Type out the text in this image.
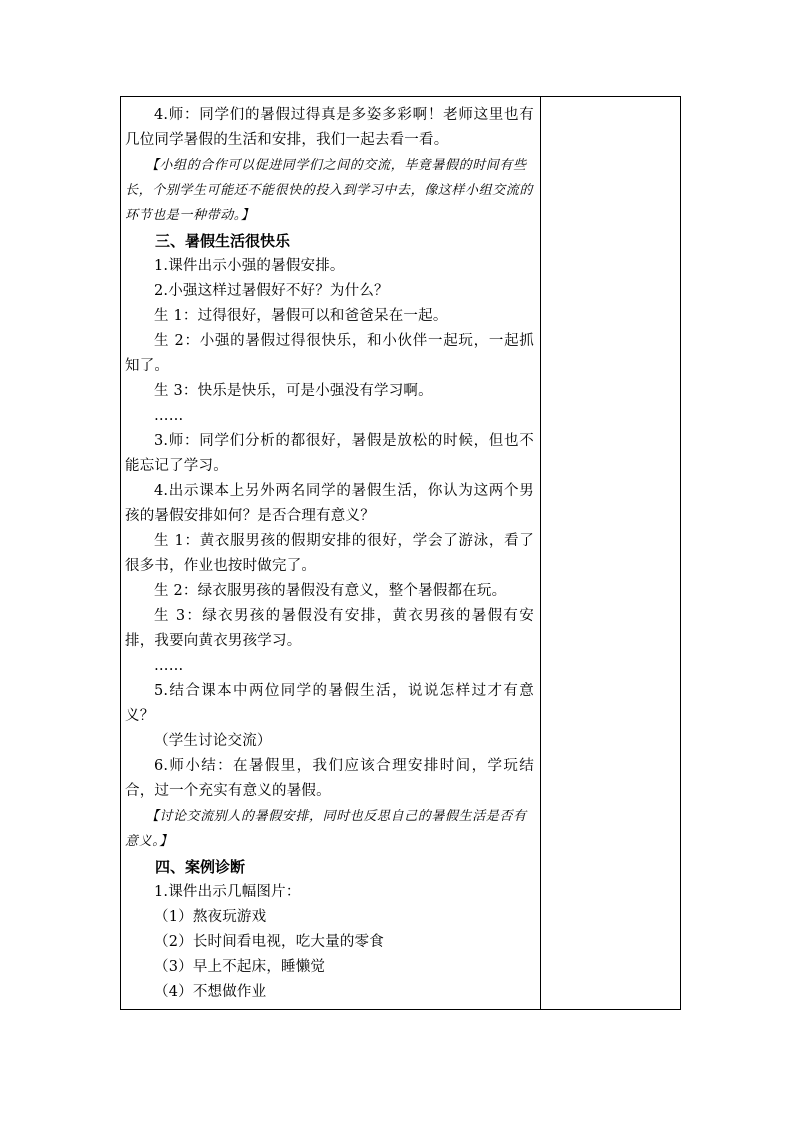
4.师：同学们的暑假过得真是多姿多彩啊！老师这里也有几位同学暑假的生活和安排，我们一起去看一看。

【小组的合作可以促进同学们之间的交流，毕竟暑假的时间有些长，个别学生可能还不能很快的投入到学习中去，像这样小组交流的环节也是一种带动。】

三、暑假生活很快乐

1.课件出示小强的暑假安排。

2.小强这样过暑假好不好？为什么？

生 1：过得很好，暑假可以和爸爸呆在一起。

生 2：小强的暑假过得很快乐，和小伙伴一起玩，一起抓知了。

生 3：快乐是快乐，可是小强没有学习啊。

……

3.师：同学们分析的都很好，暑假是放松的时候，但也不能忘记了学习。

4.出示课本上另外两名同学的暑假生活，你认为这两个男孩的暑假安排如何？是否合理有意义？

生 1：黄衣服男孩的假期安排的很好，学会了游泳，看了很多书，作业也按时做完了。

生 2：绿衣服男孩的暑假没有意义，整个暑假都在玩。

生 3：绿衣男孩的暑假没有安排，黄衣男孩的暑假有安排，我要向黄衣男孩学习。

……

5.结合课本中两位同学的暑假生活，说说怎样过才有意义？

（学生讨论交流）

6.师小结：在暑假里，我们应该合理安排时间，学玩结合，过一个充实有意义的暑假。

【讨论交流别人的暑假安排，同时也反思自己的暑假生活是否有意义。】

四、案例诊断

1.课件出示几幅图片：

（1）熬夜玩游戏

（2）长时间看电视，吃大量的零食

（3）早上不起床，睡懒觉

（4）不想做作业
